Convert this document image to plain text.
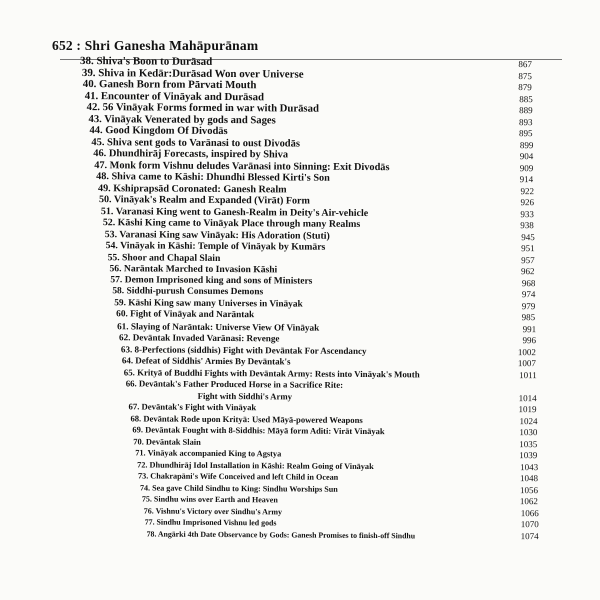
652 : Shri Ganesha Mahāpurānam
38. Shiva's Boon to Durāsad	867
39. Shiva in Kedār:Durāsad Won over Universe	875
40. Ganesh Born from Pārvati Mouth	879
41. Encounter of Vināyak and Durāsad	885
42. 56 Vināyak Forms formed in war with Durāsad	889
43. Vināyak Venerated by gods and Sages	893
44. Good Kingdom Of Divodās	895
45. Shiva sent gods to Varānasi to oust Divodās	899
46. Dhundhirāj Forecasts, inspired by Shiva	904
47. Monk form Vishnu deludes Varānasi into Sinning: Exit Divodās	909
48. Shiva came to Kāshi: Dhundhi Blessed Kirti's Son	914
49. Kshiprapsād Coronated: Ganesh Realm	922
50. Vināyak's Realm and Expanded (Virāt) Form	926
51. Varanasi King went to Ganesh-Realm in Deity's Air-vehicle	933
52. Kāshi King came to Vināyak Place through many Realms	938
53. Varanasi King saw Vināyak: His Adoration (Stuti)	945
54. Vināyak in Kāshi: Temple of Vināyak by Kumārs	951
55. Shoor and Chapal Slain	957
56. Narāntak Marched to Invasion Kāshi	962
57. Demon Imprisoned king and sons of Ministers	968
58. Siddhi-purush Consumes Demons	974
59. Kāshi King saw many Universes in Vināyak	979
60. Fight of Vināyak and Narāntak	985
61. Slaying of Narāntak: Universe View Of Vināyak	991
62. Devāntak Invaded Varānasi: Revenge	996
63. 8-Perfections (siddhis) Fight with Devāntak For Ascendancy	1002
64. Defeat of Siddhis' Armies By Devāntak's	1007
65. Krityā of Buddhi Fights with Devāntak Army: Rests into Vināyak's Mouth	1011
66. Devāntak's Father Produced Horse in a Sacrifice Rite:
Fight with Siddhi's Army	1014
67. Devāntak's Fight with Vināyak	1019
68. Devāntak Rode upon Krityā: Used Māyā-powered Weapons	1024
69. Devāntak Fought with 8-Siddhis: Māyā form Aditi: Virāt Vināyak	1030
70. Devāntak Slain	1035
71. Vināyak accompanied King to Agstya	1039
72. Dhundhirāj Idol Installation in Kāshi: Realm Going of Vināyak	1043
73. Chakrapāni's Wife Conceived and left Child in Ocean	1048
74. Sea gave Child Sindhu to King: Sindhu Worships Sun	1056
75. Sindhu wins over Earth and Heaven	1062
76. Vishnu's Victory over Sindhu's Army	1066
77. Sindhu Imprisoned Vishnu led gods	1070
78. Angārki 4th Date Observance by Gods: Ganesh Promises to finish-off Sindhu	1074
